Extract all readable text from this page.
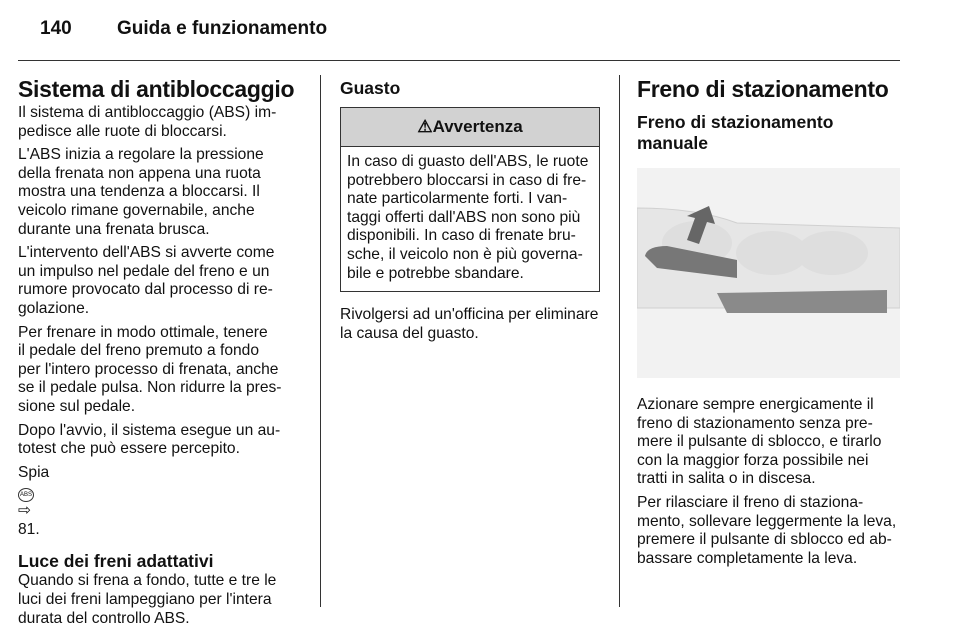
140 Guida e funzionamento
Sistema di antibloccaggio

Il sistema di antibloccaggio (ABS) im-
pedisce alle ruote di bloccarsi.

L'ABS inizia a regolare la pressione
della frenata non appena una ruota
mostra una tendenza a bloccarsi. Il
veicolo rimane governabile, anche
durante una frenata brusca.

L'intervento dell'ABS si avverte come
un impulso nel pedale del freno e un
rumore provocato dal processo di re-
golazione.

Per frenare in modo ottimale, tenere
il pedale del freno premuto a fondo
per l'intero processo di frenata, anche
se il pedale pulsa. Non ridurre la pres-
sione sul pedale.

Dopo l'avvio, il sistema esegue un au-
totest che può essere percepito.

Spia
ABS
⇨
81.

Luce dei freni adattativi

Quando si frena a fondo, tutte e tre le
luci dei freni lampeggiano per l'intera
durata del controllo ABS.

Guasto
⚠Avvertenza
In caso di guasto dell'ABS, le ruote
potrebbero bloccarsi in caso di fre-
nate particolarmente forti. I van-
taggi offerti dall'ABS non sono più
disponibili. In caso di frenate bru-
sche, il veicolo non è più governa-
bile e potrebbe sbandare.

Rivolgersi ad un'officina per eliminare
la causa del guasto.

Freno di stazionamento
Freno di stazionamento
manuale

Azionare sempre energicamente il
freno di stazionamento senza pre-
mere il pulsante di sblocco, e tirarlo
con la maggior forza possibile nei
tratti in salita o in discesa.

Per rilasciare il freno di staziona-
mento, sollevare leggermente la leva,
premere il pulsante di sblocco ed ab-
bassare completamente la leva.
